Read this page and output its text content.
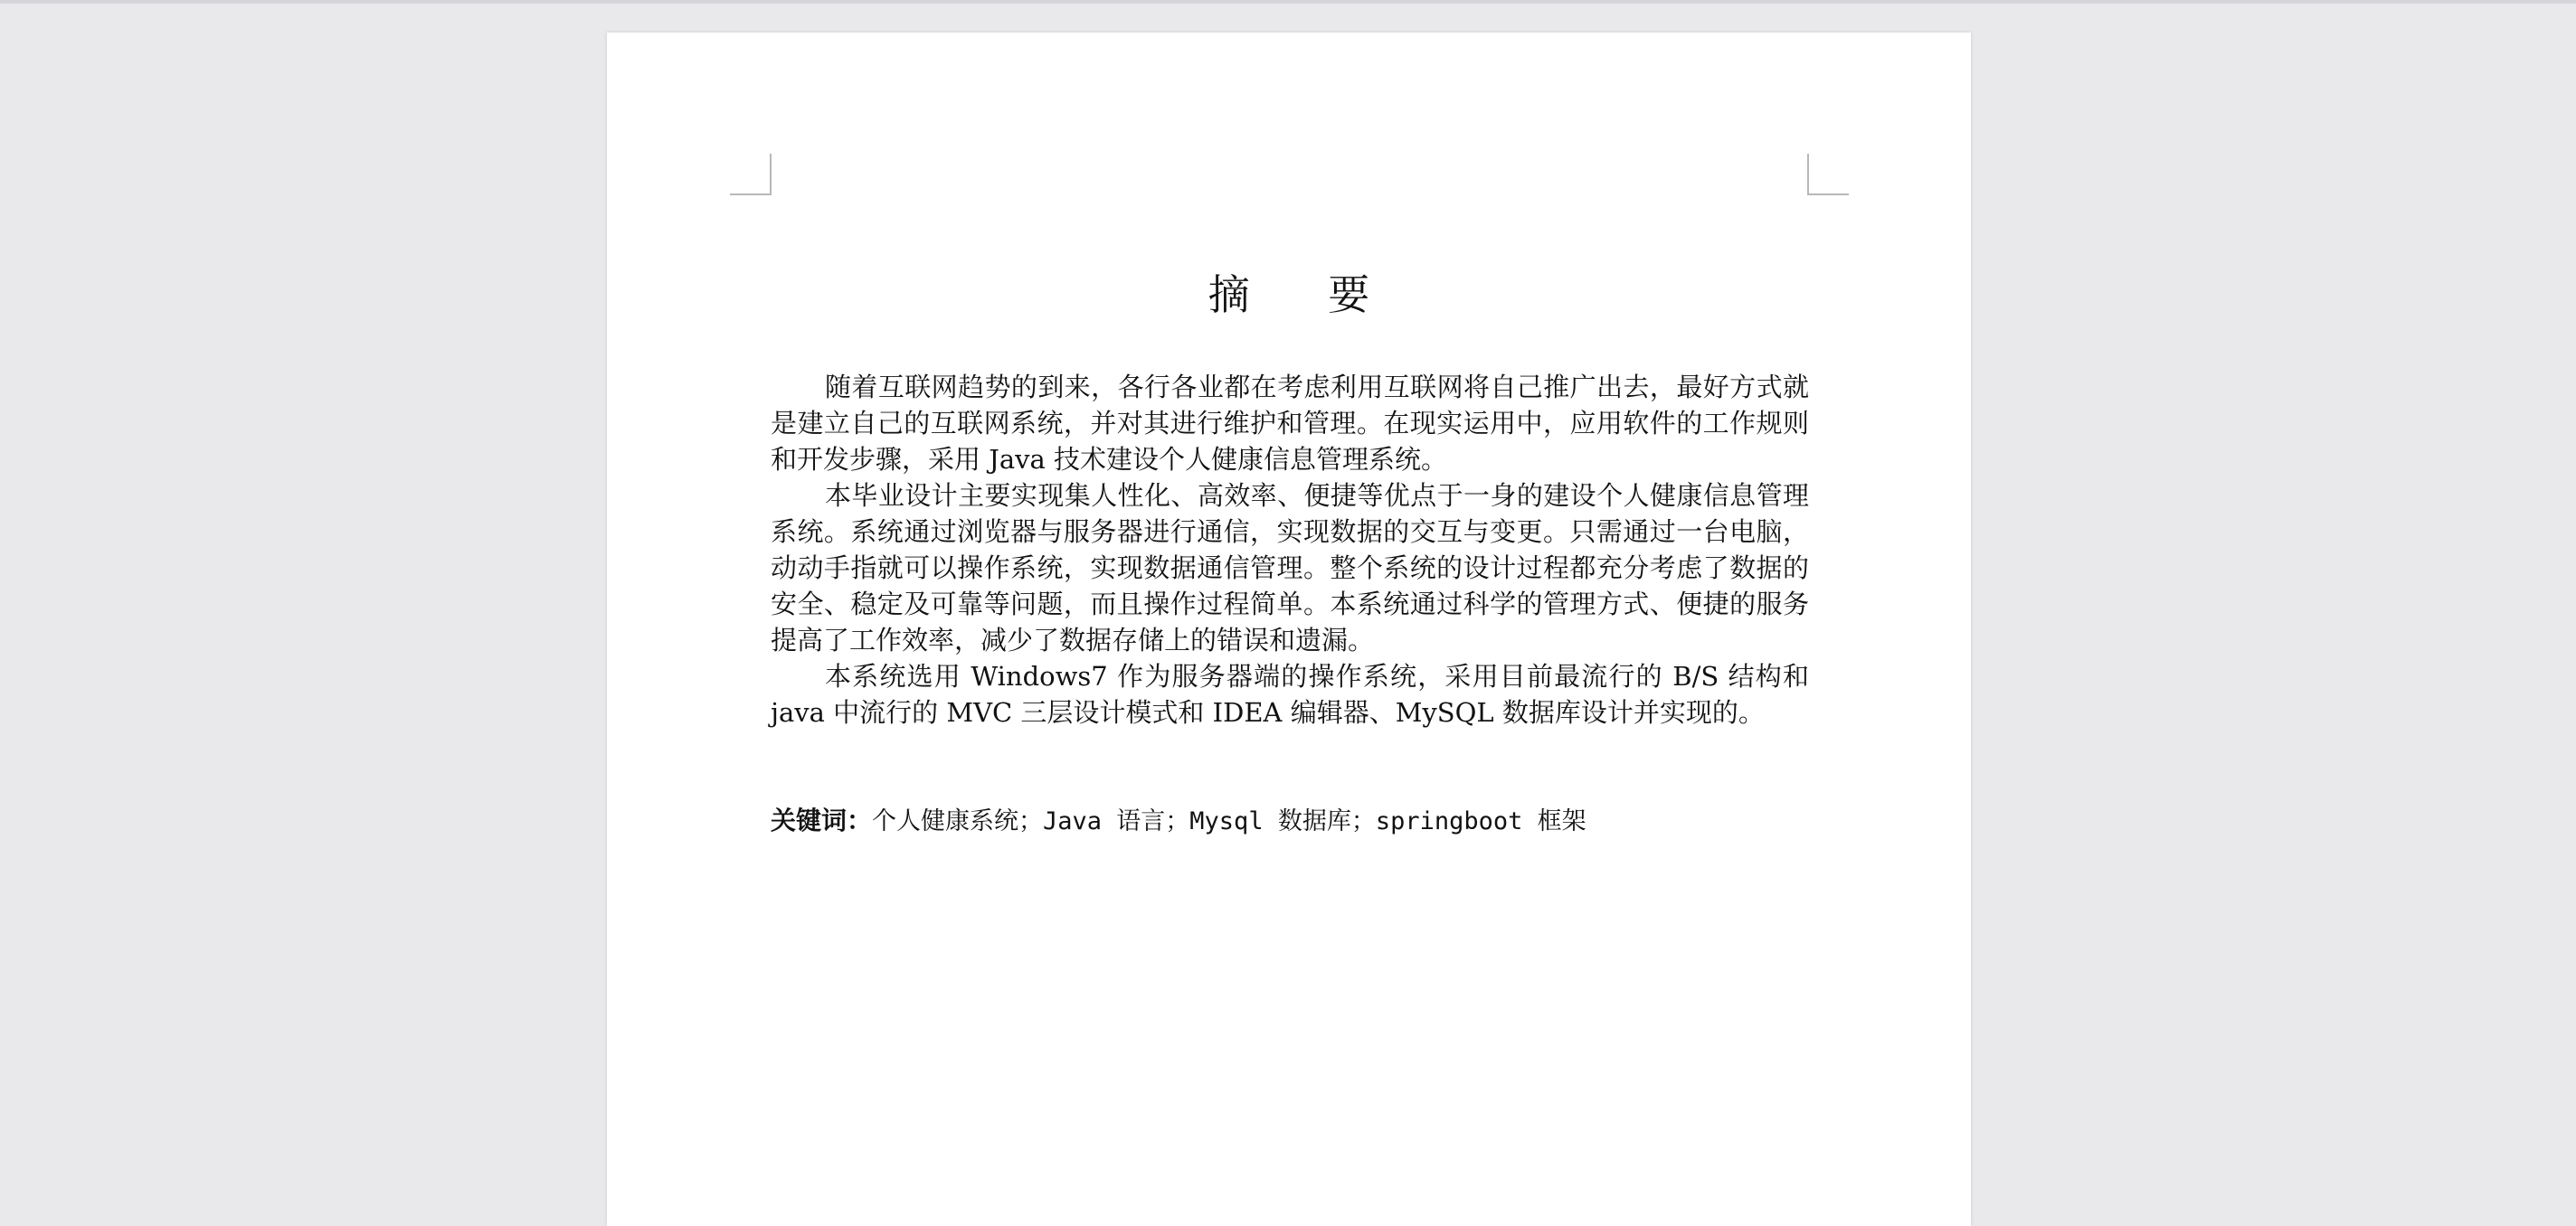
摘 要

随着互联网趋势的到来，各行各业都在考虑利用互联网将自己推广出去，最好方式就是建立自己的互联网系统，并对其进行维护和管理。在现实运用中，应用软件的工作规则和开发步骤，采用 Java 技术建设个人健康信息管理系统。

本毕业设计主要实现集人性化、高效率、便捷等优点于一身的建设个人健康信息管理系统。系统通过浏览器与服务器进行通信，实现数据的交互与变更。只需通过一台电脑，动动手指就可以操作系统，实现数据通信管理。整个系统的设计过程都充分考虑了数据的安全、稳定及可靠等问题，而且操作过程简单。本系统通过科学的管理方式、便捷的服务提高了工作效率，减少了数据存储上的错误和遗漏。

本系统选用 Windows7 作为服务器端的操作系统，采用目前最流行的 B/S 结构和 java 中流行的 MVC 三层设计模式和 IDEA 编辑器、MySQL 数据库设计并实现的。

关键词：个人健康系统；Java 语言；Mysql 数据库；springboot 框架
